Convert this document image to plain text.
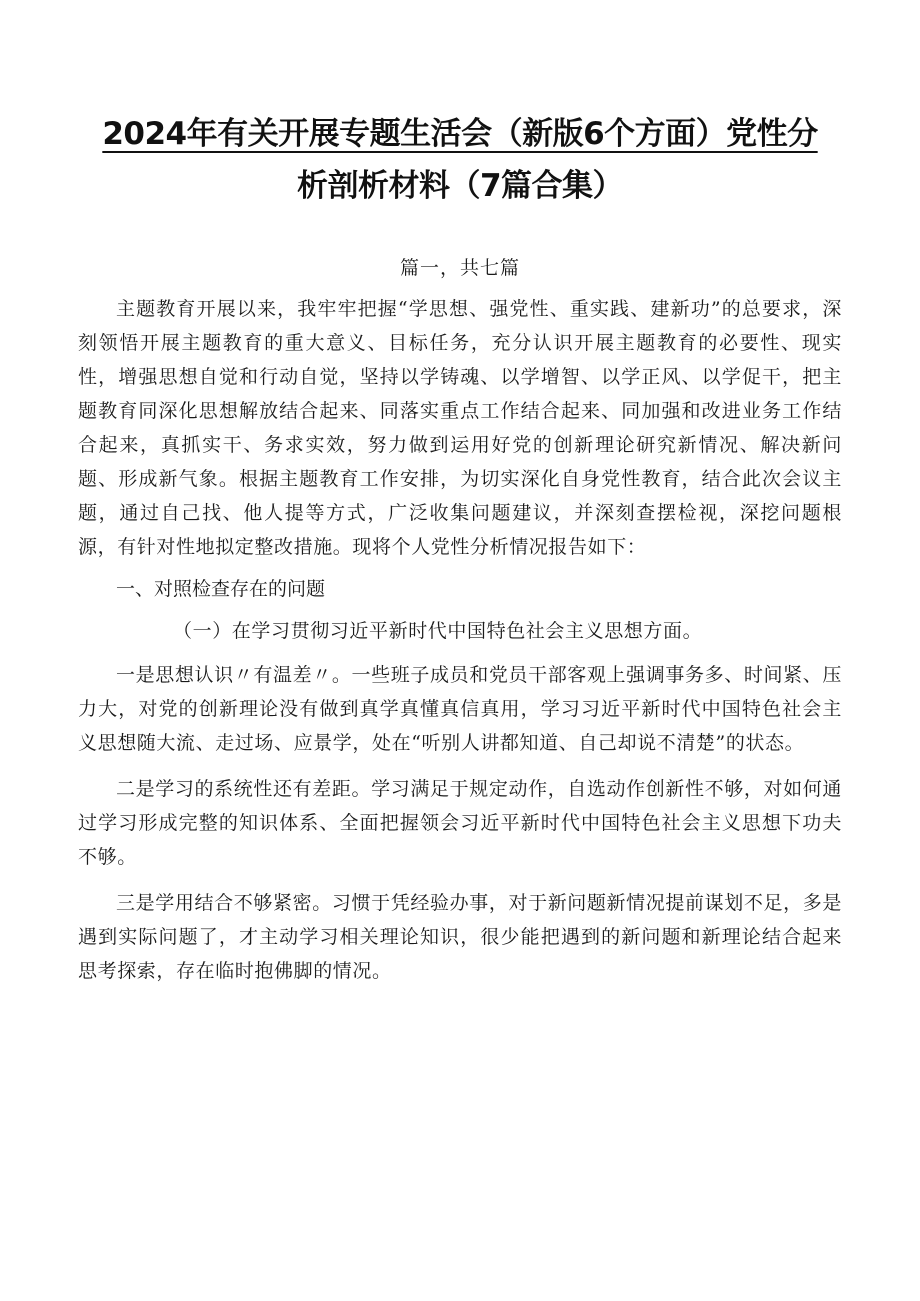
2024年有关开展专题生活会（新版6个方面）党性分
析剖析材料（7篇合集）
篇一，共七篇

主题教育开展以来，我牢牢把握“学思想、强党性、重实践、建新功”的总要求，深刻领悟开展主题教育的重大意义、目标任务，充分认识开展主题教育的必要性、现实性，增强思想自觉和行动自觉，坚持以学铸魂、以学增智、以学正风、以学促干，把主题教育同深化思想解放结合起来、同落实重点工作结合起来、同加强和改进业务工作结合起来，真抓实干、务求实效，努力做到运用好党的创新理论研究新情况、解决新问题、形成新气象。根据主题教育工作安排，为切实深化自身党性教育，结合此次会议主题，通过自己找、他人提等方式，广泛收集问题建议，并深刻查摆检视，深挖问题根源，有针对性地拟定整改措施。现将个人党性分析情况报告如下：

一、对照检查存在的问题
（一）在学习贯彻习近平新时代中国特色社会主义思想方面。

一是思想认识〃有温差〃。一些班子成员和党员干部客观上强调事务多、时间紧、压力大，对党的创新理论没有做到真学真懂真信真用，学习习近平新时代中国特色社会主义思想随大流、走过场、应景学，处在“听别人讲都知道、自己却说不清楚”的状态。

二是学习的系统性还有差距。学习满足于规定动作，自选动作创新性不够，对如何通过学习形成完整的知识体系、全面把握领会习近平新时代中国特色社会主义思想下功夫不够。

三是学用结合不够紧密。习惯于凭经验办事，对于新问题新情况提前谋划不足，多是遇到实际问题了，才主动学习相关理论知识，很少能把遇到的新问题和新理论结合起来思考探索，存在临时抱佛脚的情况。
